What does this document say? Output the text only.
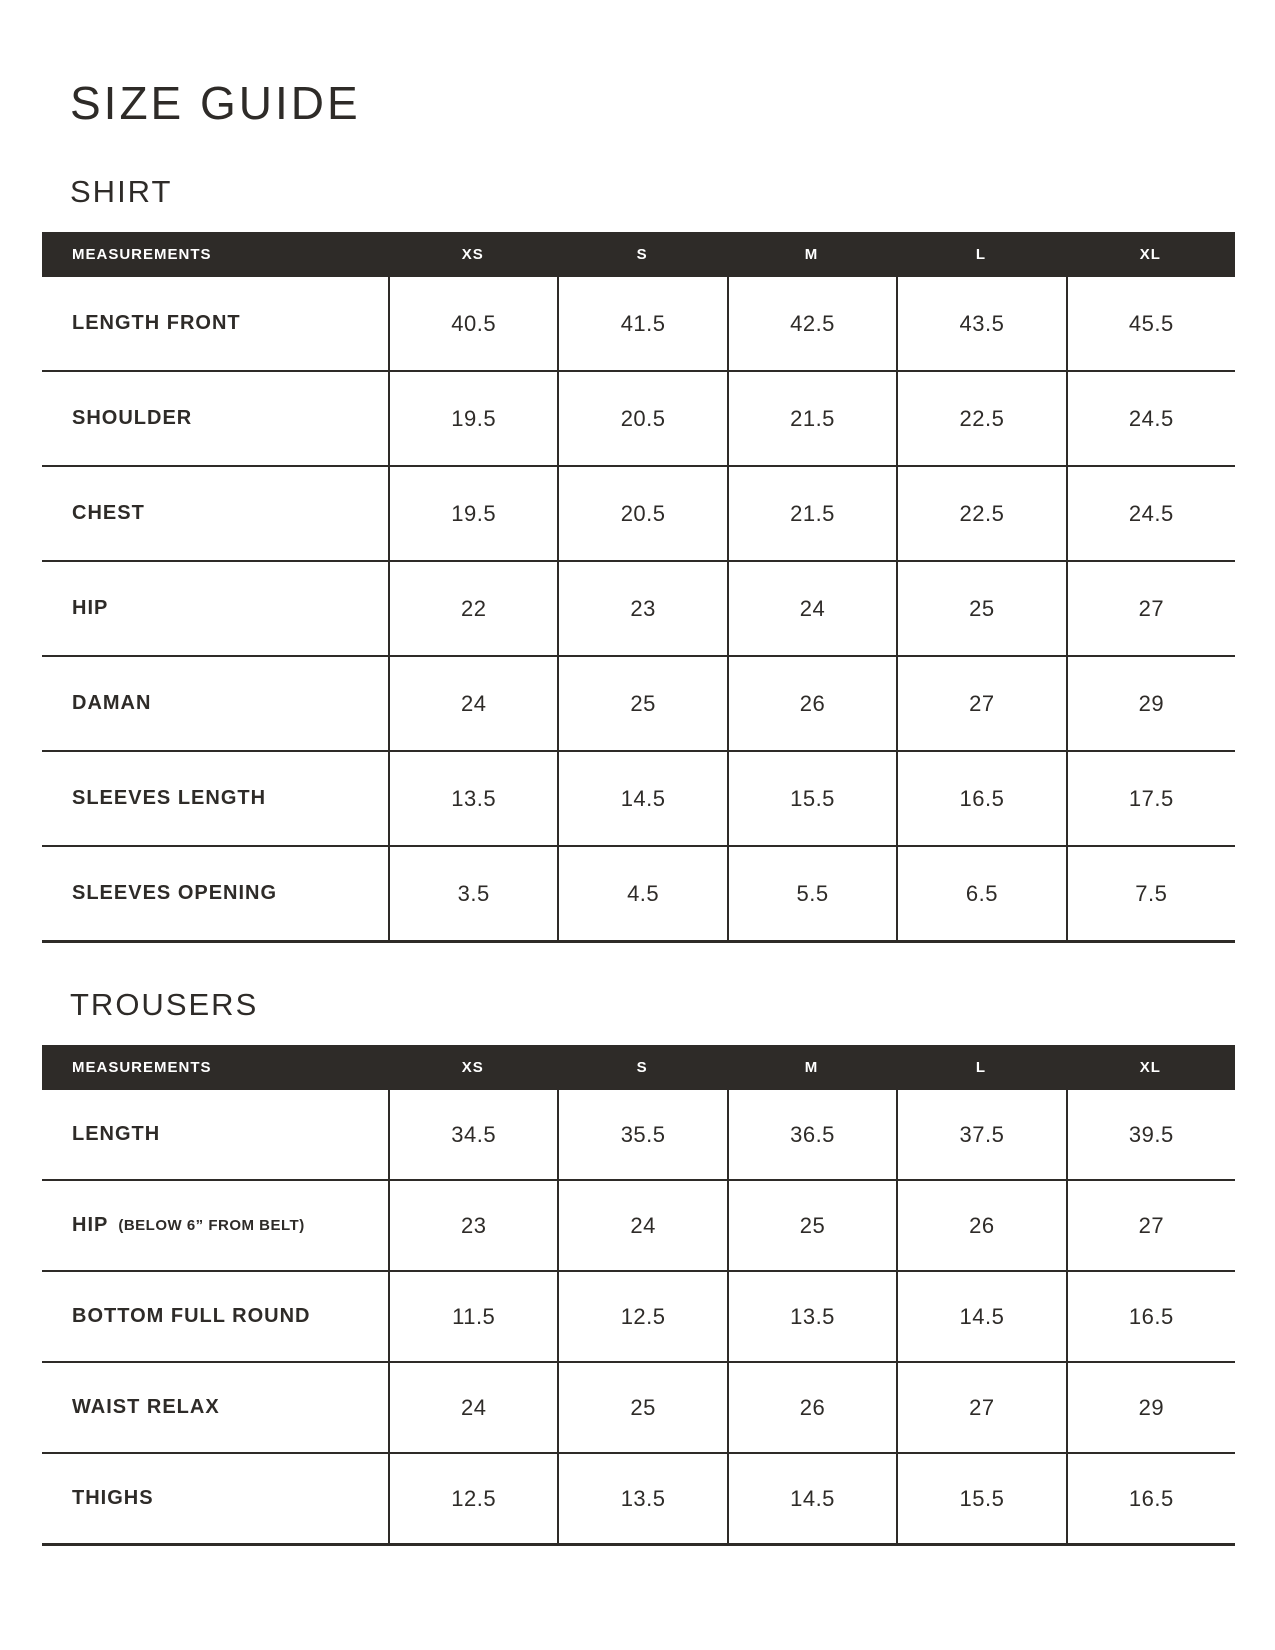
SIZE GUIDE
SHIRT
MEASUREMENTS	XS	S	M	L	XL
LENGTH FRONT	40.5	41.5	42.5	43.5	45.5
SHOULDER	19.5	20.5	21.5	22.5	24.5
CHEST	19.5	20.5	21.5	22.5	24.5
HIP	22	23	24	25	27
DAMAN	24	25	26	27	29
SLEEVES LENGTH	13.5	14.5	15.5	16.5	17.5
SLEEVES OPENING	3.5	4.5	5.5	6.5	7.5
TROUSERS
MEASUREMENTS	XS	S	M	L	XL
LENGTH	34.5	35.5	36.5	37.5	39.5
HIP (BELOW 6” FROM BELT)	23	24	25	26	27
BOTTOM FULL ROUND	11.5	12.5	13.5	14.5	16.5
WAIST RELAX	24	25	26	27	29
THIGHS	12.5	13.5	14.5	15.5	16.5
